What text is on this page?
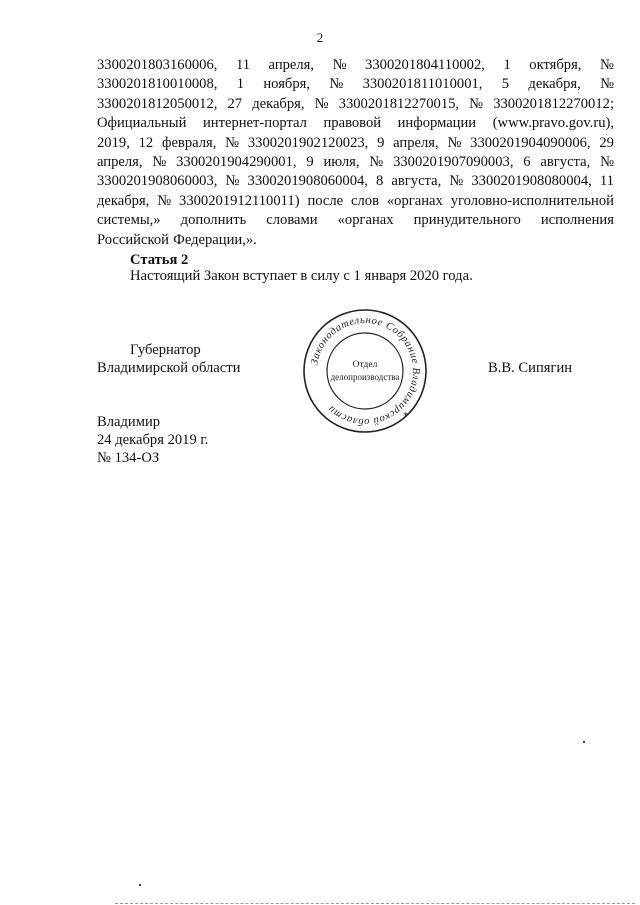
2
3300201803160006, 11 апреля, № 3300201804110002, 1 октября, №
3300201810010008, 1 ноября, № 3300201811010001, 5 декабря, №
3300201812050012, 27 декабря, № 3300201812270015, № 3300201812270012;
Официальный интернет-портал правовой информации (www.pravo.gov.ru),
2019, 12 февраля, № 3300201902120023, 9 апреля, № 3300201904090006, 29
апреля, № 3300201904290001, 9 июля, № 3300201907090003, 6 августа, №
3300201908060003, № 3300201908060004, 8 августа, № 3300201908080004, 11
декабря, № 3300201912110011) после слов «органах уголовно-исполнительной
системы,» дополнить словами «органах принудительного исполнения
Российской Федерации,».
Статья 2
Настоящий Закон вступает в силу с 1 января 2020 года.
Губернатор
Владимирской области	В.В. Сипягин
Законодательное Собрание Владимирской области
*
Отдел
делопроизводства
Владимир
24 декабря 2019 г.
№ 134-ОЗ
